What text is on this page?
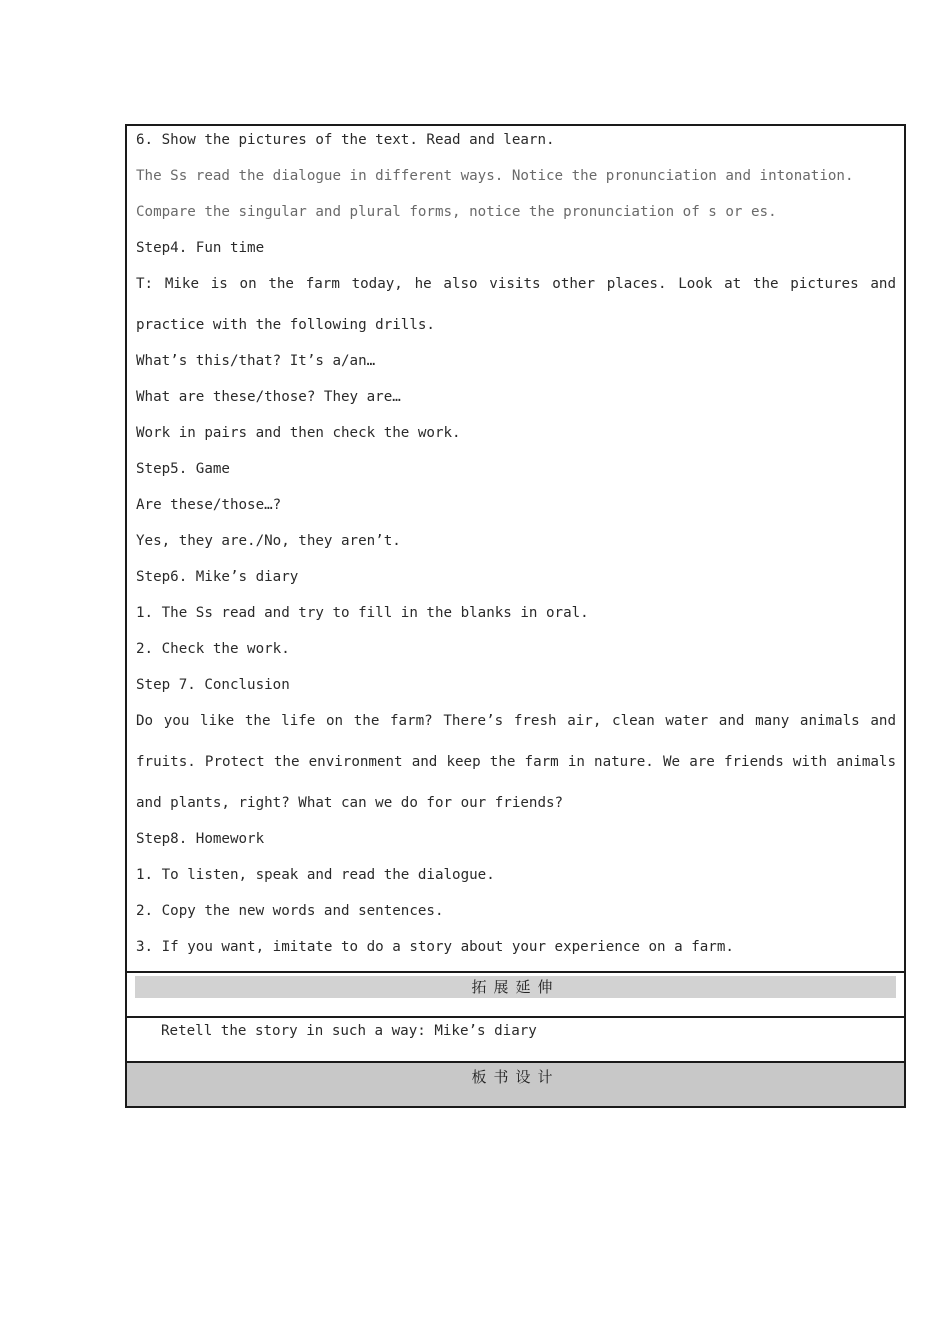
6. Show the pictures of the text. Read and learn.
The Ss read the dialogue in different ways. Notice the pronunciation and intonation.
Compare the singular and plural forms, notice the pronunciation of s or es.
Step4. Fun time
T: Mike is on the farm today, he also visits other places. Look at the pictures and
practice with the following drills.
What’s this/that? It’s a/an…
What are these/those? They are…
Work in pairs and then check the work.
Step5. Game
Are these/those…?
Yes, they are./No, they aren’t.
Step6. Mike’s diary
1. The Ss read and try to fill in the blanks in oral.
2. Check the work.
Step 7. Conclusion
Do you like the life on the farm? There’s fresh air, clean water and many animals and
fruits. Protect the environment and keep the farm in nature. We are friends with animals
and plants, right? What can we do for our friends?
Step8. Homework
1. To listen, speak and read the dialogue.
2. Copy the new words and sentences.
3. If you want, imitate to do a story about your experience on a farm.
拓展延伸
Retell the story in such a way: Mike’s diary
板书设计
